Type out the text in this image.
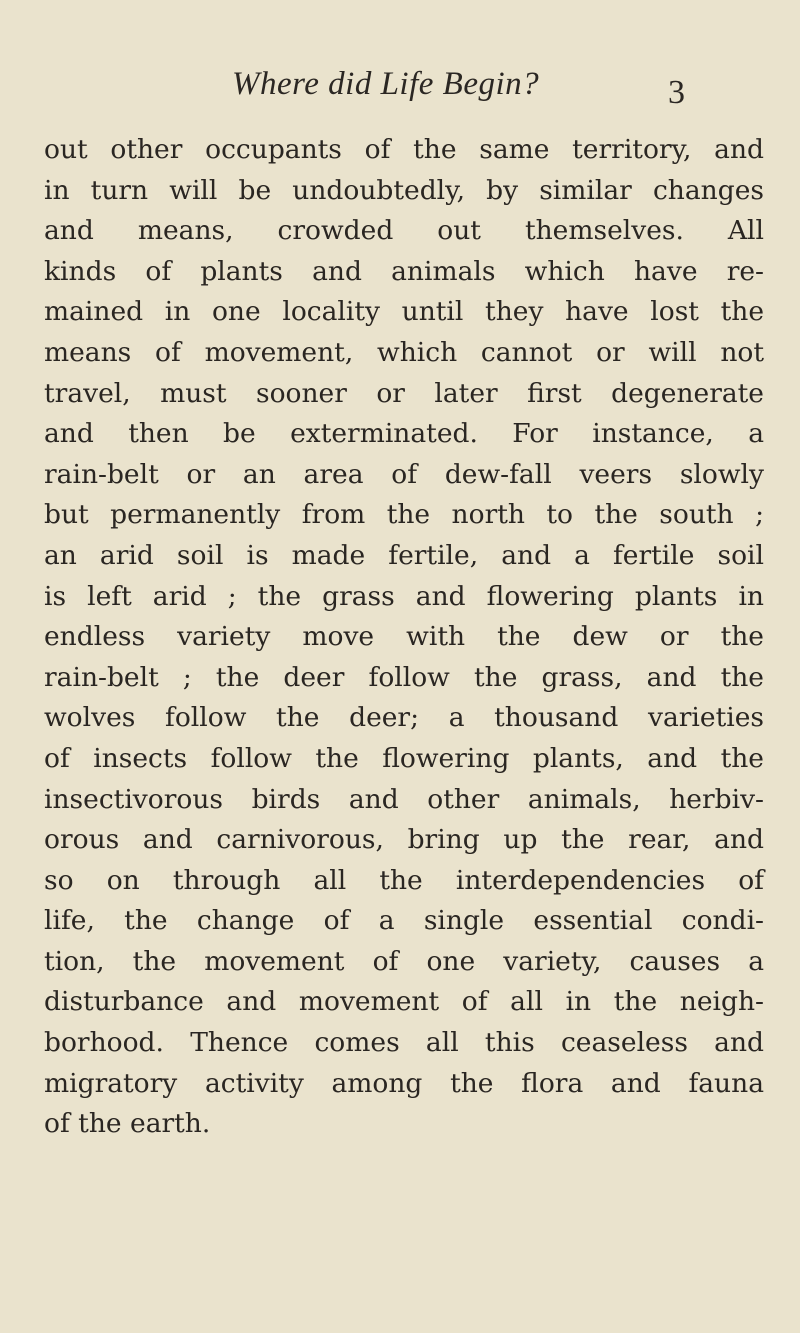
Where did Life Begin?	3
out other occupants of the same territory, and
in turn will be undoubtedly, by similar changes
and means, crowded out themselves. All
kinds of plants and animals which have re-
mained in one locality until they have lost the
means of movement, which cannot or will not
travel, must sooner or later first degenerate
and then be exterminated. For instance, a
rain-belt or an area of dew-fall veers slowly
but permanently from the north to the south ;
an arid soil is made fertile, and a fertile soil
is left arid ; the grass and flowering plants in
endless variety move with the dew or the
rain-belt ; the deer follow the grass, and the
wolves follow the deer; a thousand varieties
of insects follow the flowering plants, and the
insectivorous birds and other animals, herbiv-
orous and carnivorous, bring up the rear, and
so on through all the interdependencies of
life, the change of a single essential condi-
tion, the movement of one variety, causes a
disturbance and movement of all in the neigh-
borhood. Thence comes all this ceaseless and
migratory activity among the flora and fauna
of the earth.
